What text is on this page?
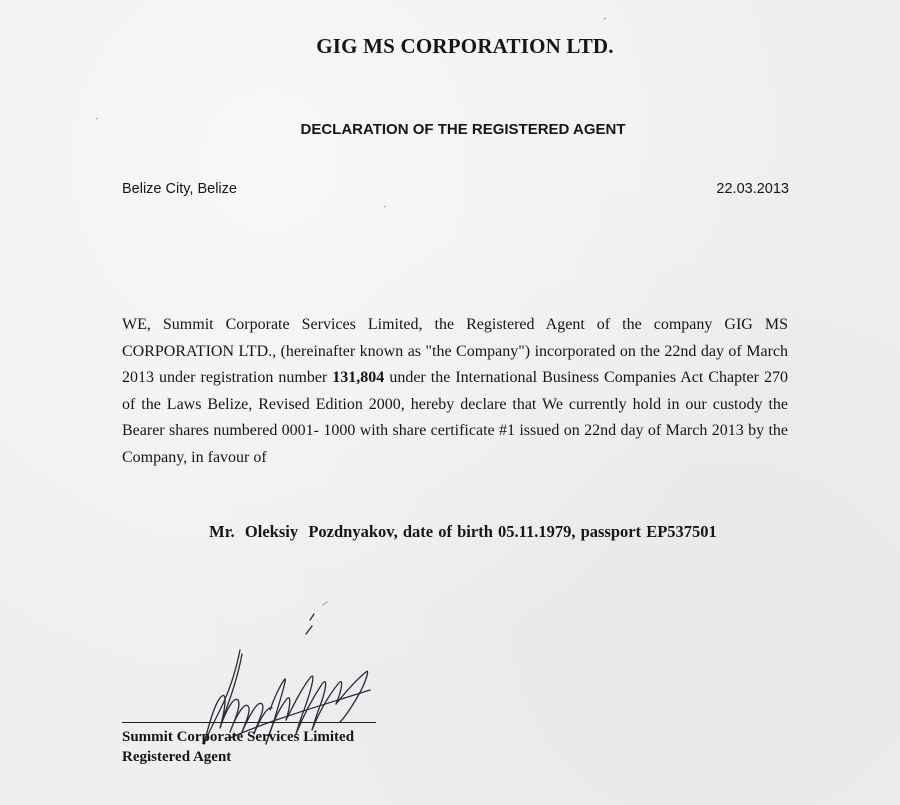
GIG MS CORPORATION LTD.
DECLARATION OF THE REGISTERED AGENT
Belize City, Belize	22.03.2013
WE, Summit Corporate Services Limited, the Registered Agent of the company GIG MS CORPORATION LTD., (hereinafter known as "the Company") incorporated on the 22nd day of March 2013 under registration number 131,804 under the International Business Companies Act Chapter 270 of the Laws Belize, Revised Edition 2000, hereby declare that We currently hold in our custody the Bearer shares numbered 0001- 1000 with share certificate #1 issued on 22nd day of March 2013 by the Company, in favour of
Mr.  Oleksiy  Pozdnyakov, date of birth 05.11.1979, passport EP537501
Summit Corporate Services Limited
Registered Agent
